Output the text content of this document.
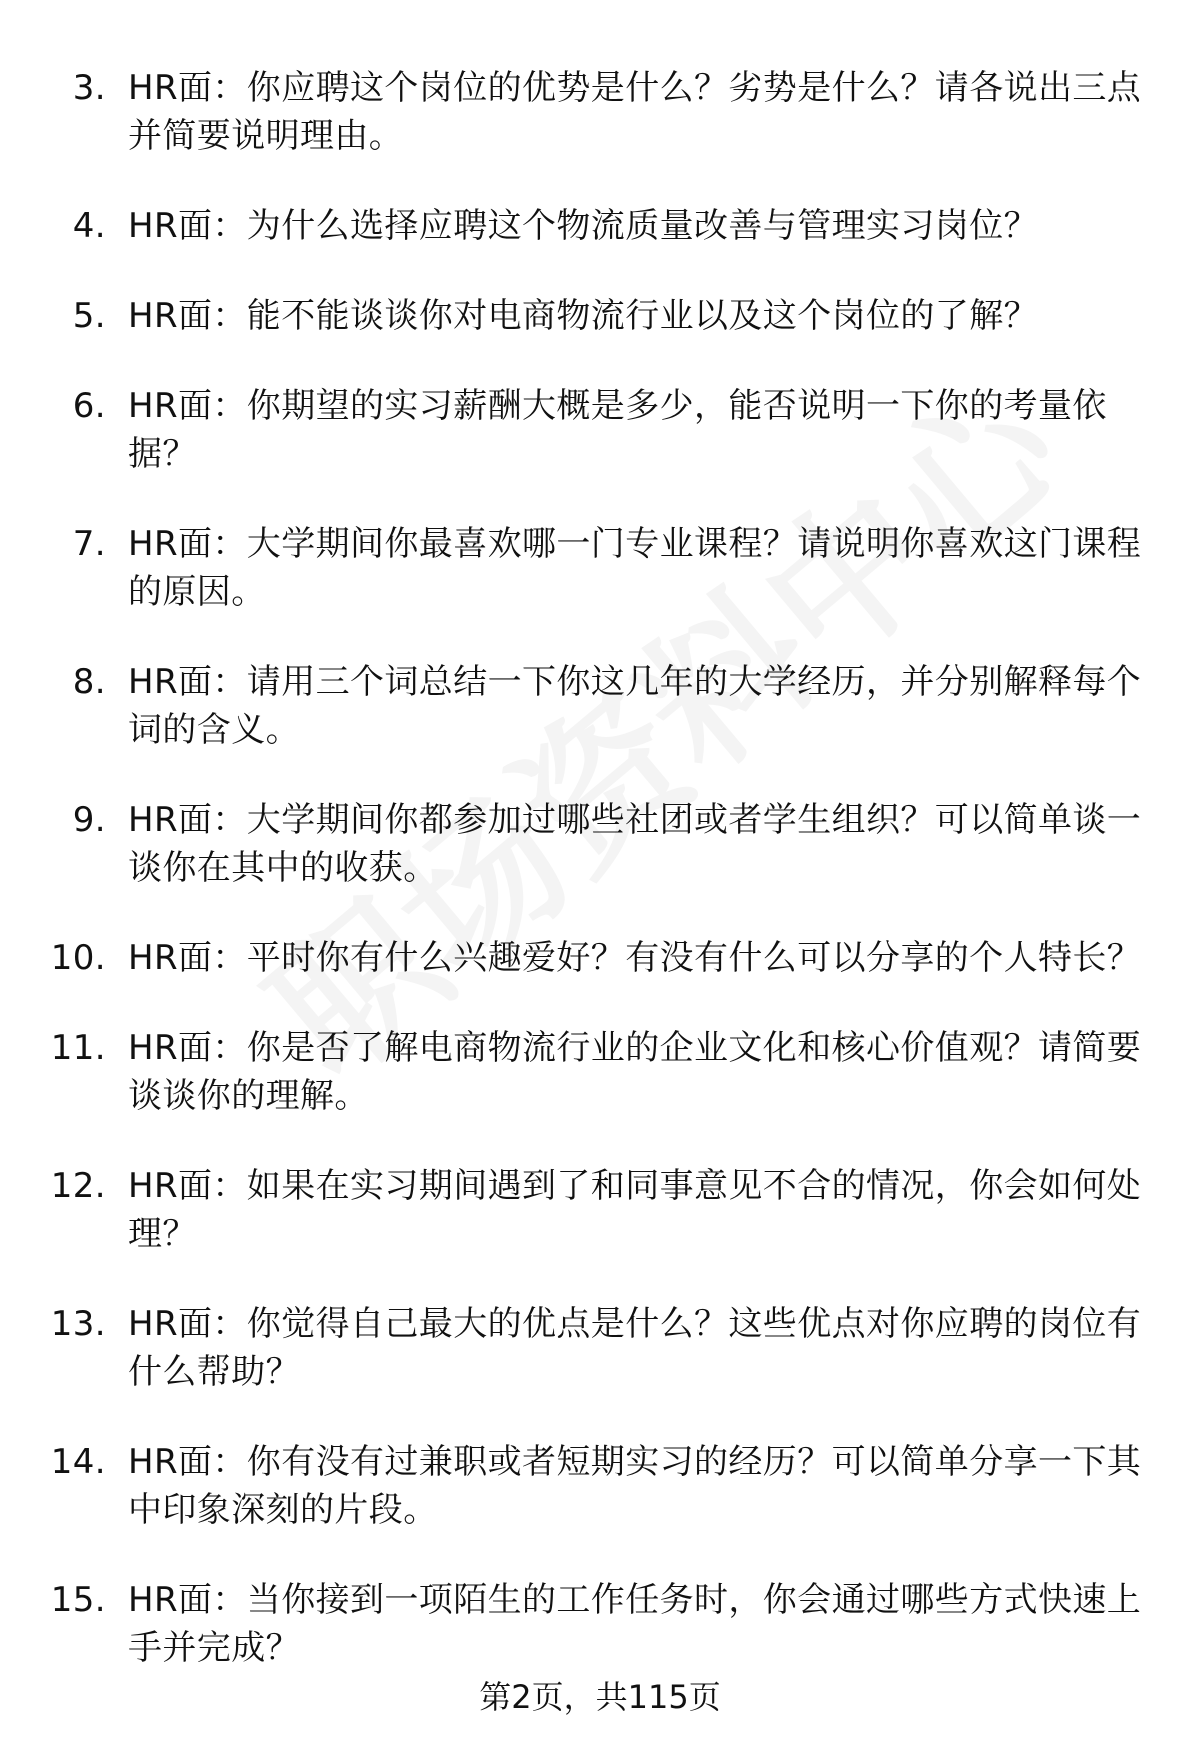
3. HR面：你应聘这个岗位的优势是什么？劣势是什么？请各说出三点并简要说明理由。
4. HR面：为什么选择应聘这个物流质量改善与管理实习岗位？
5. HR面：能不能谈谈你对电商物流行业以及这个岗位的了解？
6. HR面：你期望的实习薪酬大概是多少，能否说明一下你的考量依据？
7. HR面：大学期间你最喜欢哪一门专业课程？请说明你喜欢这门课程的原因。
8. HR面：请用三个词总结一下你这几年的大学经历，并分别解释每个词的含义。
9. HR面：大学期间你都参加过哪些社团或者学生组织？可以简单谈一谈你在其中的收获。
10. HR面：平时你有什么兴趣爱好？有没有什么可以分享的个人特长？
11. HR面：你是否了解电商物流行业的企业文化和核心价值观？请简要谈谈你的理解。
12. HR面：如果在实习期间遇到了和同事意见不合的情况，你会如何处理？
13. HR面：你觉得自己最大的优点是什么？这些优点对你应聘的岗位有什么帮助？
14. HR面：你有没有过兼职或者短期实习的经历？可以简单分享一下其中印象深刻的片段。
15. HR面：当你接到一项陌生的工作任务时，你会通过哪些方式快速上手并完成？
第2页，共115页
